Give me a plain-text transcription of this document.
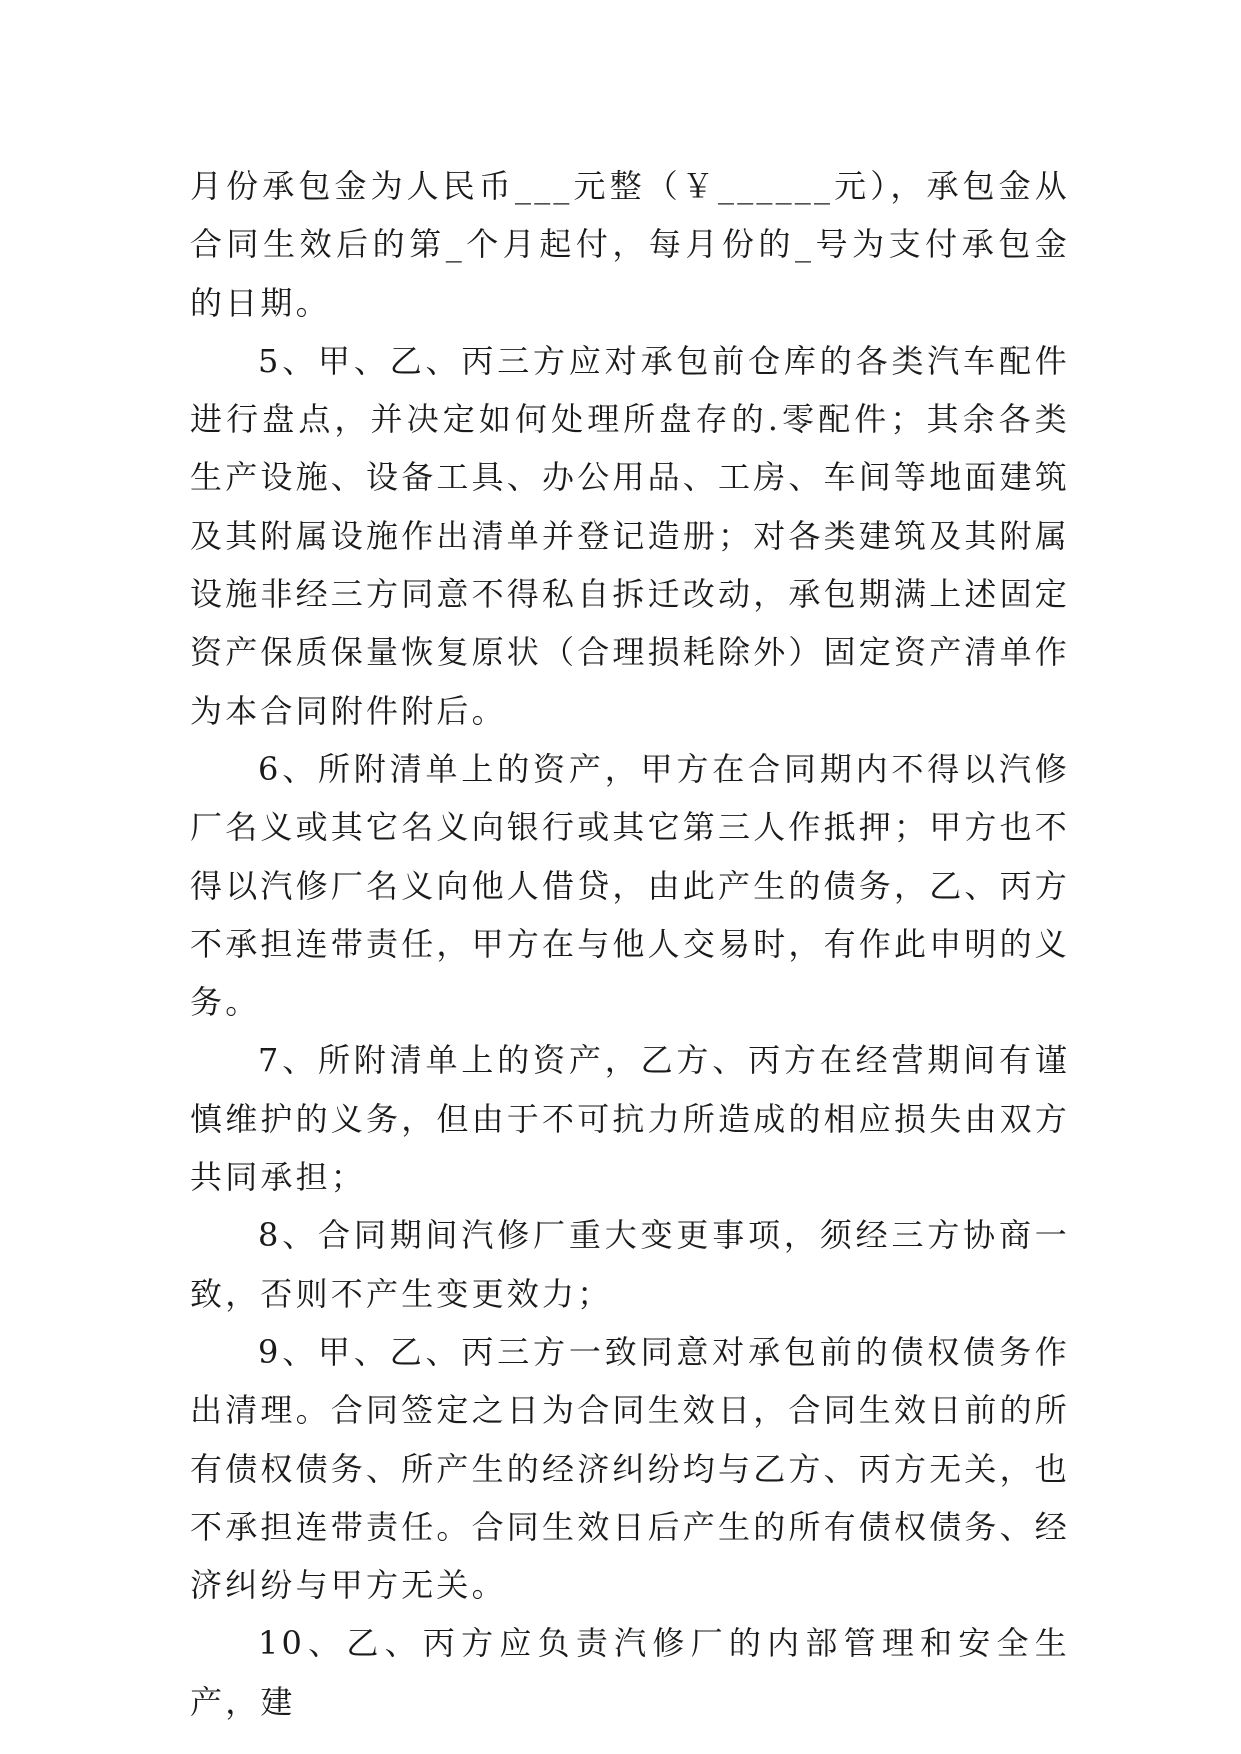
月份承包金为人民币___元整（￥______元），承包金从合同生效后的第_个月起付，每月份的_号为支付承包金的日期。

5、甲、乙、丙三方应对承包前仓库的各类汽车配件进行盘点，并决定如何处理所盘存的.零配件；其余各类生产设施、设备工具、办公用品、工房、车间等地面建筑及其附属设施作出清单并登记造册；对各类建筑及其附属设施非经三方同意不得私自拆迁改动，承包期满上述固定资产保质保量恢复原状（合理损耗除外）固定资产清单作为本合同附件附后。

6、所附清单上的资产，甲方在合同期内不得以汽修厂名义或其它名义向银行或其它第三人作抵押；甲方也不得以汽修厂名义向他人借贷，由此产生的债务，乙、丙方不承担连带责任，甲方在与他人交易时，有作此申明的义务。

7、所附清单上的资产，乙方、丙方在经营期间有谨慎维护的义务，但由于不可抗力所造成的相应损失由双方共同承担；

8、合同期间汽修厂重大变更事项，须经三方协商一致，否则不产生变更效力；

9、甲、乙、丙三方一致同意对承包前的债权债务作出清理。合同签定之日为合同生效日，合同生效日前的所有债权债务、所产生的经济纠纷均与乙方、丙方无关，也不承担连带责任。合同生效日后产生的所有债权债务、经济纠纷与甲方无关。

10、乙、丙方应负责汽修厂的内部管理和安全生产，建
